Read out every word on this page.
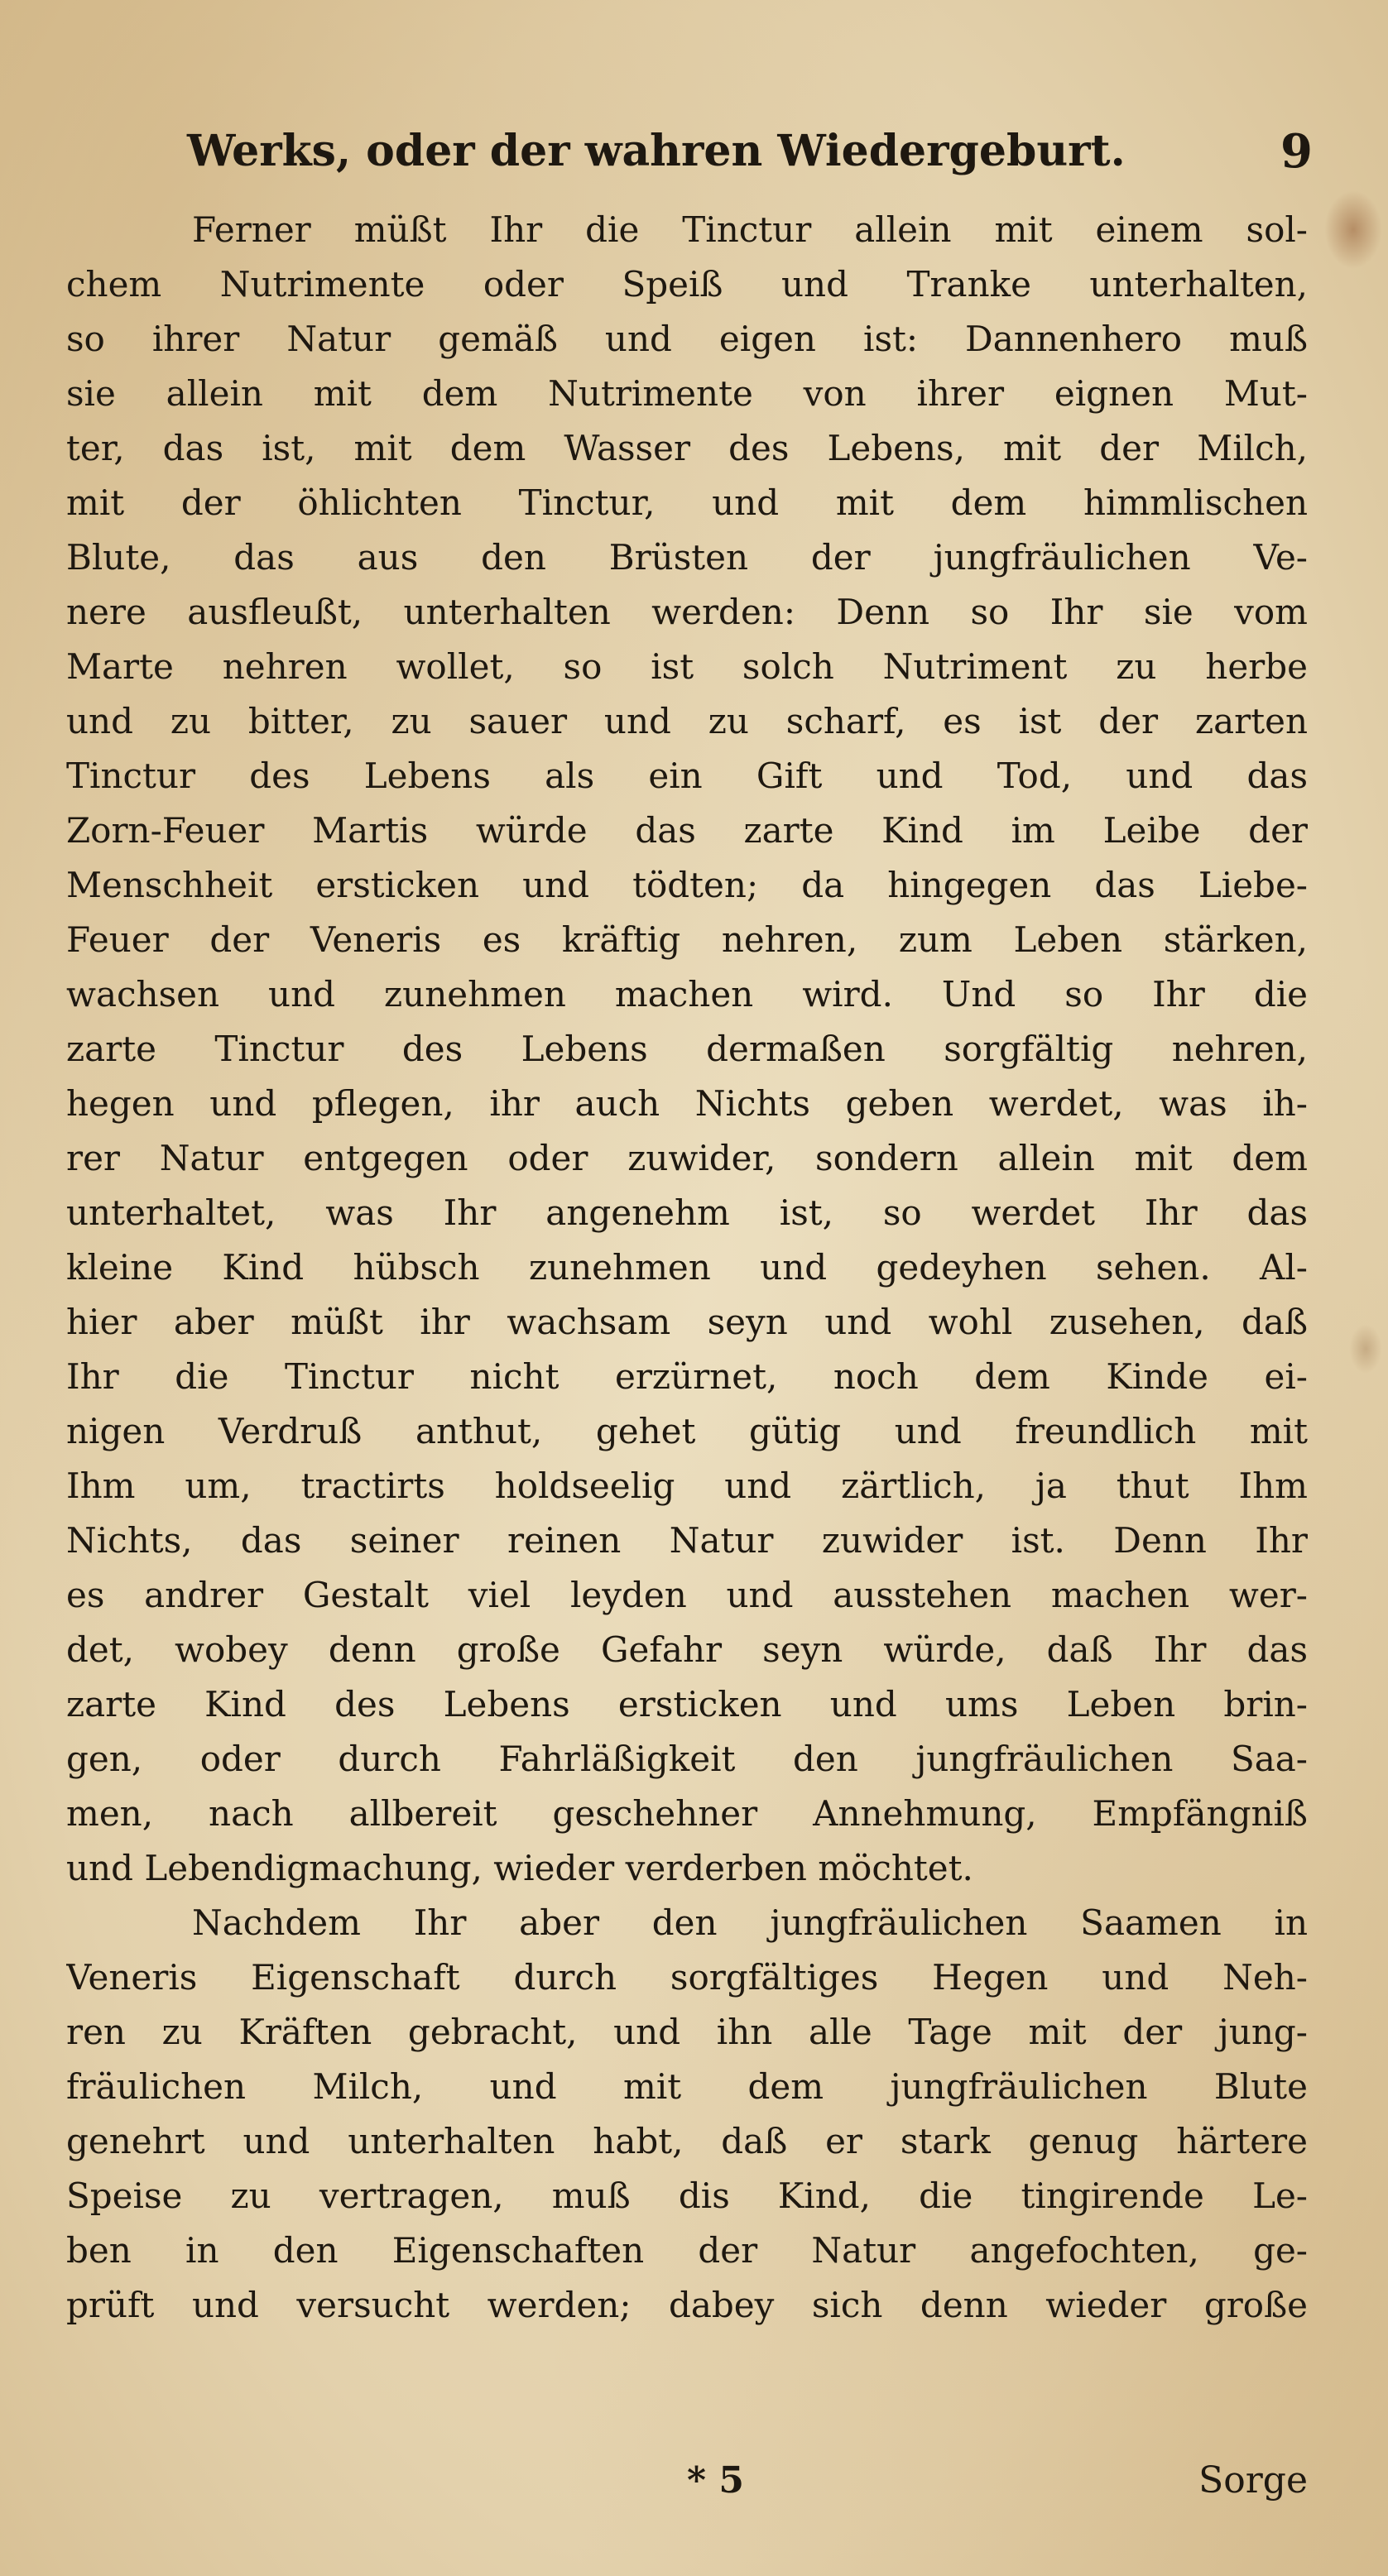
Werks, oder der wahren Wiedergeburt.	9
Ferner müßt Ihr die Tinctur allein mit einem sol-
chem Nutrimente oder Speiß und Tranke unterhalten,
so ihrer Natur gemäß und eigen ist: Dannenhero muß
sie allein mit dem Nutrimente von ihrer eignen Mut-
ter, das ist, mit dem Wasser des Lebens, mit der Milch,
mit der öhlichten Tinctur, und mit dem himmlischen
Blute, das aus den Brüsten der jungfräulichen Ve-
nere ausfleußt, unterhalten werden: Denn so Ihr sie vom
Marte nehren wollet, so ist solch Nutriment zu herbe
und zu bitter, zu sauer und zu scharf, es ist der zarten
Tinctur des Lebens als ein Gift und Tod, und das
Zorn-Feuer Martis würde das zarte Kind im Leibe der
Menschheit ersticken und tödten; da hingegen das Liebe-
Feuer der Veneris es kräftig nehren, zum Leben stärken,
wachsen und zunehmen machen wird. Und so Ihr die
zarte Tinctur des Lebens dermaßen sorgfältig nehren,
hegen und pflegen, ihr auch Nichts geben werdet, was ih-
rer Natur entgegen oder zuwider, sondern allein mit dem
unterhaltet, was Ihr angenehm ist, so werdet Ihr das
kleine Kind hübsch zunehmen und gedeyhen sehen. Al-
hier aber müßt ihr wachsam seyn und wohl zusehen, daß
Ihr die Tinctur nicht erzürnet, noch dem Kinde ei-
nigen Verdruß anthut, gehet gütig und freundlich mit
Ihm um, tractirts holdseelig und zärtlich, ja thut Ihm
Nichts, das seiner reinen Natur zuwider ist. Denn Ihr
es andrer Gestalt viel leyden und ausstehen machen wer-
det, wobey denn große Gefahr seyn würde, daß Ihr das
zarte Kind des Lebens ersticken und ums Leben brin-
gen, oder durch Fahrläßigkeit den jungfräulichen Saa-
men, nach allbereit geschehner Annehmung, Empfängniß
und Lebendigmachung, wieder verderben möchtet.
Nachdem Ihr aber den jungfräulichen Saamen in
Veneris Eigenschaft durch sorgfältiges Hegen und Neh-
ren zu Kräften gebracht, und ihn alle Tage mit der jung-
fräulichen Milch, und mit dem jungfräulichen Blute
genehrt und unterhalten habt, daß er stark genug härtere
Speise zu vertragen, muß dis Kind, die tingirende Le-
ben in den Eigenschaften der Natur angefochten, ge-
prüft und versucht werden; dabey sich denn wieder große
* 5	Sorge
